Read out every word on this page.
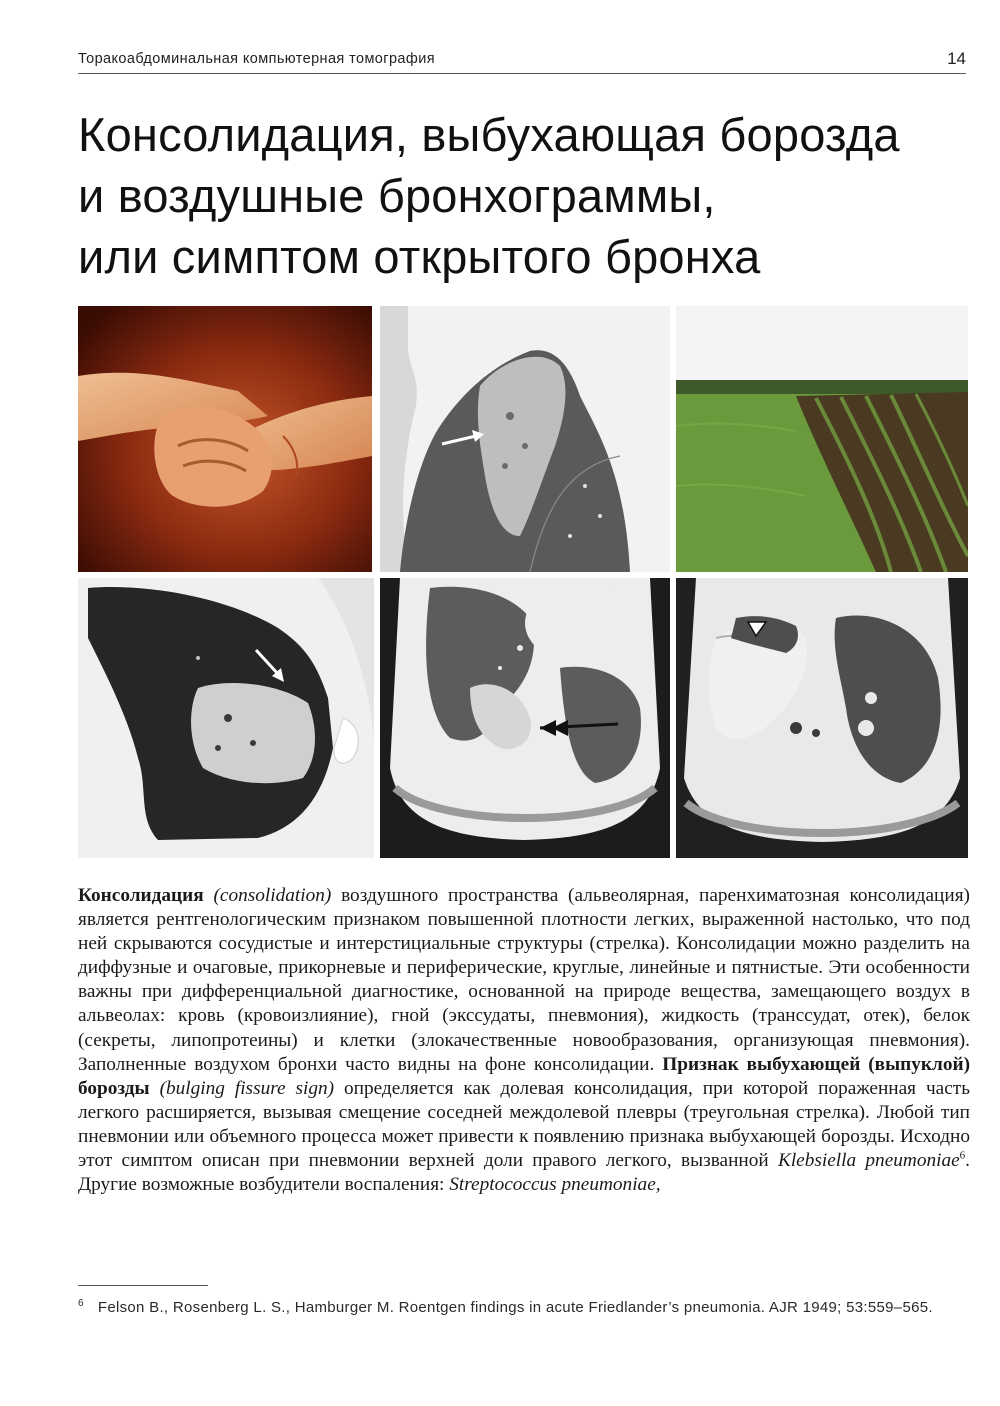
Торакоабдоминальная компьютерная томография	14
Консолидация, выбухающая борозда
и воздушные бронхограммы,
или симптом открытого бронха

Консолидация (consolidation) воздушного пространства (альвеолярная, паренхиматозная консолидация) является рентгенологическим признаком повышенной плотности легких, выраженной настолько, что под ней скрываются сосудистые и интерстициальные структуры (стрелка). Консолидации можно разделить на диффузные и очаговые, прикорневые и периферические, круглые, линейные и пятнистые. Эти особенности важны при дифференциальной диагностике, основанной на природе вещества, замещающего воздух в альвеолах: кровь (кровоизлияние), гной (экссудаты, пневмония), жидкость (транссудат, отек), белок (секреты, липопротеины) и клетки (злокачественные новообразования, организующая пневмония). Заполненные воздухом бронхи часто видны на фоне консолидации. Признак выбухающей (выпуклой) борозды (bulging fissure sign) определяется как долевая консолидация, при которой пораженная часть легкого расширяется, вызывая смещение соседней междолевой плевры (треугольная стрелка). Любой тип пневмонии или объемного процесса может привести к появлению признака выбухающей борозды. Исходно этот симптом описан при пневмонии верхней доли правого легкого, вызванной Klebsiella pneumoniae$^6$. Другие возможные возбудители воспаления: Streptococcus pneumoniae,

$^6$ Felson B., Rosenberg L. S., Hamburger M. Roentgen findings in acute Friedlander’s pneumonia. AJR 1949; 53:559–565.
